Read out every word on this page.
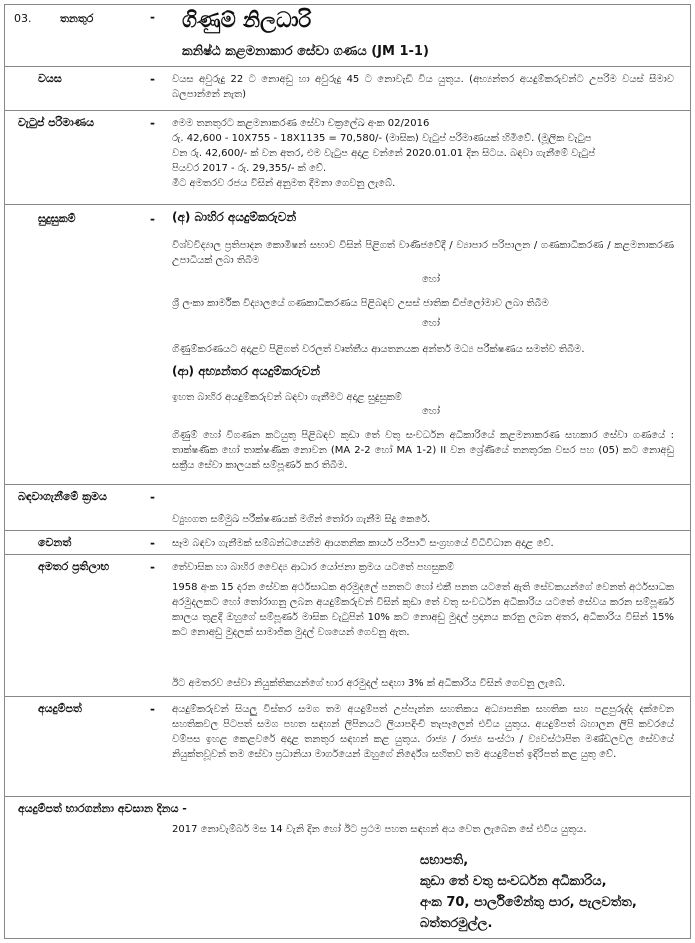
03.	තනතුර	- ගිණුම් නිලධාරි
කනිෂ්ඨ කළමනාකාර සේවා ගණය (JM 1-1)
වයස	- වයස අවුරුදු 22 ට නොඅඩු හා අවුරුදු 45 ට නොවැඩි විය යුතුය. (අභ්‍යන්තර අයදුම්කරුවන්ට උපරිම වයස් සීමාව බලපාන්නේ නැත)
වැටුප් පරිමාණය	- මෙම තනතුරට කළමනාකරණ සේවා චක්‍රලේඛ අංක 02/2016
රු. 42,600 - 10X755 - 18X1135 = 70,580/- (මාසික) වැටුප් පරිමාණයක් හිමිවේ. (මූලික වැටුප
වන රු. 42,600/- ක් වන අතර, එම වැටුප අදාළ වන්නේ 2020.01.01 දින සිටය. බඳවා ගැනීමේ වැටුප්
පියවර 2017 - රු. 29,355/- ක් වේ.
මීට අමතරව රජය විසින් අනුමත දීමනා ගෙවනු ලැබේ.
සුදුසුකම්	- (අ) බාහිර අයදුම්කරුවන්
විශ්වවිද්‍යාල ප්‍රතිපාදන කොමිෂන් සභාව විසින් පිළිගත් වාණිජවේදී / ව්‍යාපාර පරිපාලන / ගණකාධිකරණ / කළමනාකරණ උපාධියක් ලබා තිබීම
හෝ
ශ්‍රී ලංකා කාර්මික විද්‍යාලයේ ගණකාධිකරණය පිළිබඳව උසස් ජාතික ඩිප්ලෝමාව ලබා තිබීම
හෝ
ගිණුම්කරණයට අදාළව පිළිගත් වරලත් වෘත්තීය ආයතනයක අන්තර් මධ්‍ය පරීක්ෂණය සමත්ව තිබීම.
(ආ) අභ්‍යන්තර අයදුම්කරුවන්
ඉහත බාහිර අයදුම්කරුවන් බඳවා ගැනීමට අදාළ සුදුසුකම්
හෝ
ගිණුම් හෝ විගණන කටයුතු පිළිබඳව කුඩා තේ වතු සංවර්ධන අධිකාරියේ කළමනාකරණ සහකාර සේවා ගණයේ : තාක්ෂණික හෝ තාක්ෂණික නොවන (MA 2-2 හෝ MA 1-2) II වන ශ්‍රේණියේ තනතුරක වසර පහ (05) කට නොඅඩු සක්‍රීය සේවා කාලයක් සම්පූර්ණ කර තිබීම.
බඳවාගැනීමේ ක්‍රමය	-
ව්‍යුහගත සම්මුඛ පරීක්ෂණයක් මගින් තෝරා ගැනීම සිදු කෙරේ.
වෙනත්	- සෑම බඳවා ගැනීමක් සම්බන්ධයෙන්ම ආයතනික කාර්ය පරිපාටි සංග්‍රහයේ විධිවිධාන අදාළ වේ.
අමතර ප්‍රතිලාභ	- තේවාසික හා බාහිර වෛද්‍ය ආධාර යෝජනා ක්‍රමය යටතේ පහසුකම්
1958 අංක 15 දරන සේවක අර්ථසාධක අරමුදලේ පනතට හෝ එකී පනත යටතේ ඇති සේවකයන්ගේ වෙනත් අර්ථසාධක අරමුදලකට හෝ තෝරාගනු ලබන අයදුම්කරුවන් විසින් කුඩා තේ වතු සංවර්ධන අධිකාරිය යටතේ සේවය කරන සම්පූර්ණ කාලය තුළදී ඔහුගේ සම්පූර්ණ මාසික වැටුපින් 10% කට නොඅඩු මුදල් ප්‍රදානය කරනු ලබන අතර, අධිකාරිය විසින් 15% කට නොඅඩු මුදලක් සාමාජික මුදල් වශයෙන් ගෙවනු ඇත.
ඊට අමතරව සේවා නියුක්තිකයන්ගේ භාර අරමුදල් සඳහා 3% ක් අධිකාරිය විසින් ගෙවනු ලැබේ.
අයදුම්පත්	- අයදුම්කරුවන් සියලු විස්තර සමග තම අයදුම්පත් උප්පැන්න සහතිකය අධ්‍යාපනික සහතික සහ පළපුරුද්ද දක්වෙන සහතිකවල පිටපත් සමග පහත සඳහන් ලිපිනයට ලියාපදිංචි තැපෑලෙන් එවිය යුතුය. අයදුම්පත් බහාලන ලිපි කවරයේ වම්පස ඉහළ කෙළවරේ අදාළ තනතුර සඳහන් කළ යුතුය. රාජ්‍ය / රාජ්‍ය සංස්ථා / ව්‍යවස්ථාපිත මණ්ඩලවල සේවයේ නියුක්තවූවන් තම සේවා ප්‍රධානියා මාර්ගයෙන් ඔහුගේ නිර්දේශ සහිතව තම අයදුම්පත් ඉදිරිපත් කළ යුතු වේ.
අයදුම්පත් භාරගන්නා අවසාන දිනය -
2017 නොවැම්බර් මස 14 වැනි දින හෝ ඊට ප්‍රථම පහත සඳහන් අය වෙත ලැබෙන සේ එවිය යුතුය.
සභාපති,
කුඩා තේ වතු සංවර්ධන අධිකාරිය,
අංක 70, පාර්ලිමේන්තු පාර, පැලවත්ත,
බත්තරමුල්ල.
